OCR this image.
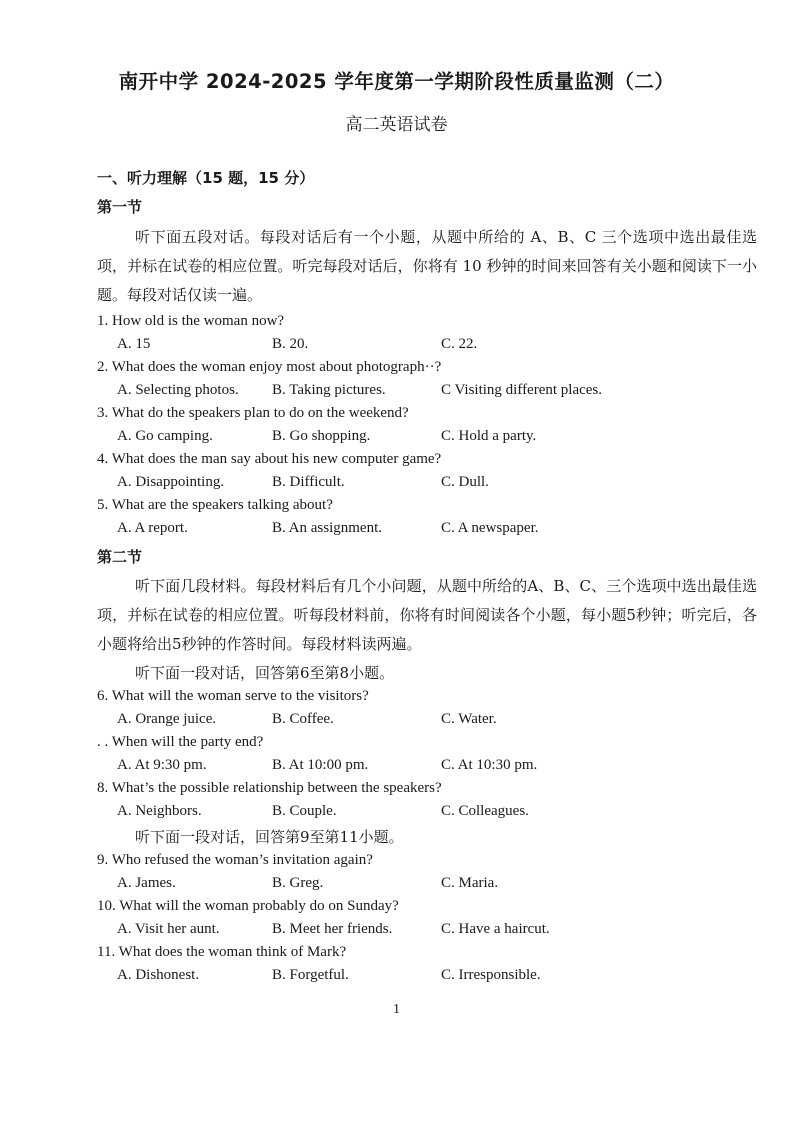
南开中学 2024-2025 学年度第一学期阶段性质量监测（二）
高二英语试卷
一、听力理解（15 题，15 分）
第一节
听下面五段对话。每段对话后有一个小题，从题中所给的 A、B、C 三个选项中选出最佳选项，并标在试卷的相应位置。听完每段对话后，你将有 10 秒钟的时间来回答有关小题和阅读下一小题。每段对话仅读一遍。
1. How old is the woman now?
A. 15	B. 20.	C. 22.
2. What does the woman enjoy most about photograph··?
A. Selecting photos.	B. Taking pictures.	C Visiting different places.
3. What do the speakers plan to do on the weekend?
A. Go camping.	B. Go shopping.	C. Hold a party.
4. What does the man say about his new computer game?
A. Disappointing.	B. Difficult.	C. Dull.
5. What are the speakers talking about?
A. A report.	B. An assignment.	C. A newspaper.
第二节
听下面几段材料。每段材料后有几个小问题，从题中所给的A、B、C、三个选项中选出最佳选项，并标在试卷的相应位置。听每段材料前，你将有时间阅读各个小题，每小题5秒钟；听完后，各小题将给出5秒钟的作答时间。每段材料读两遍。
听下面一段对话，回答第6至第8小题。
6. What will the woman serve to the visitors?
A. Orange juice.	B. Coffee.	C. Water.
. . When will the party end?
A. At 9:30 pm.	B. At 10:00 pm.	C. At 10:30 pm.
8. What’s the possible relationship between the speakers?
A. Neighbors.	B. Couple.	C. Colleagues.
听下面一段对话，回答第9至第11小题。
9. Who refused the woman’s invitation again?
A. James.	B. Greg.	C. Maria.
10. What will the woman probably do on Sunday?
A. Visit her aunt.	B. Meet her friends.	C. Have a haircut.
11. What does the woman think of Mark?
A. Dishonest.	B. Forgetful.	C. Irresponsible.
1
